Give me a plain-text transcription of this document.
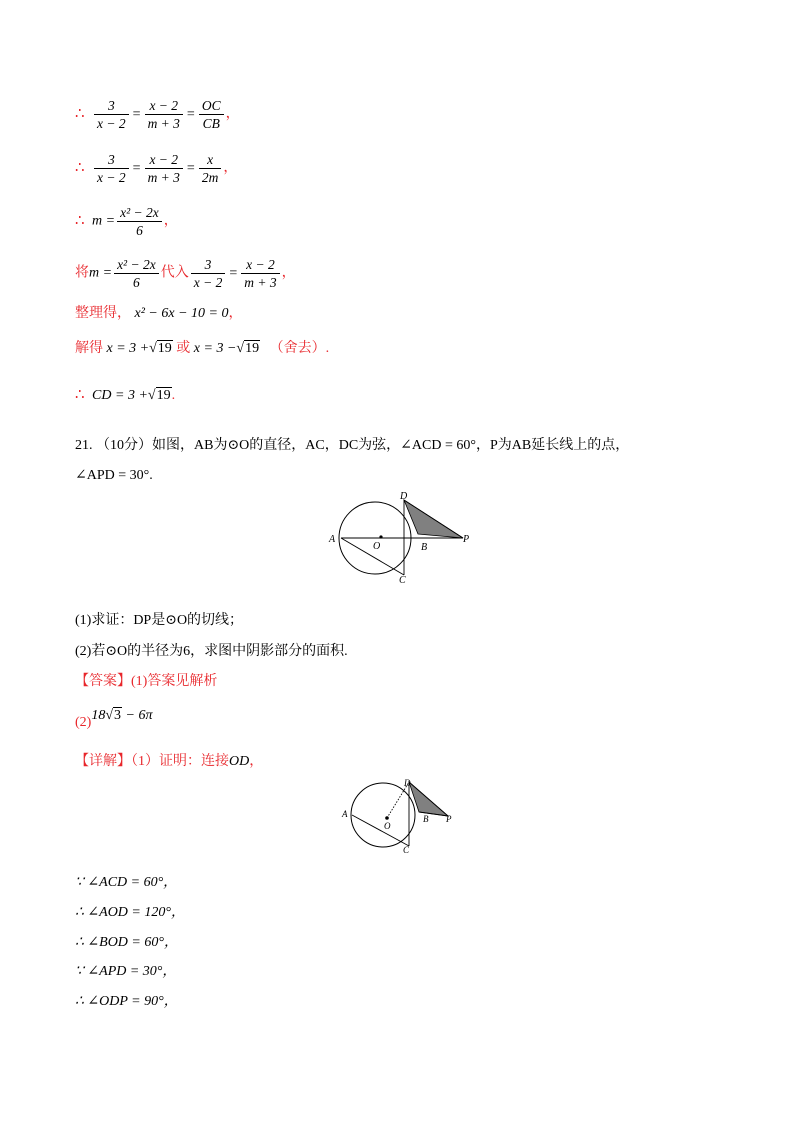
∴ $\frac{3}{x - 2} = \frac{x - 2}{m + 3} = \frac{OC}{CB}$ ，
∴ $\frac{3}{x - 2} = \frac{x - 2}{m + 3} = \frac{x}{2m}$ ，
∴ $m = \frac{\text{x² − 2x}}{6}$ ，
将$m = \frac{\text{x² − 2x}}{6}$ 代入 $\frac{3}{x - 2} = \frac{x - 2}{m + 3}$ ，
整理得， x² − 6x − 10 = 0，
解得 x = 3 +√19 或 x = 3 −√19 （舍去）.
∴ CD = 3 +√19.
21. （10分）如图，AB为⊙O的直径，AC，DC为弦，∠ACD = 60°，P为AB延长线上的点，
∠APD = 30°.
A
O	B
D
C
P
(1)求证：DP是⊙O的切线；
(2)若⊙O的半径为6，求图中阴影部分的面积.
【答案】(1)答案见解析
(2)18√3 − 6π
【详解】（1）证明：连接OD，
A
O
B
D
C
P
∵ ∠ACD = 60°，
∴ ∠AOD = 120°，
∴ ∠BOD = 60°，
∵ ∠APD = 30°，
∴ ∠ODP = 90°，
